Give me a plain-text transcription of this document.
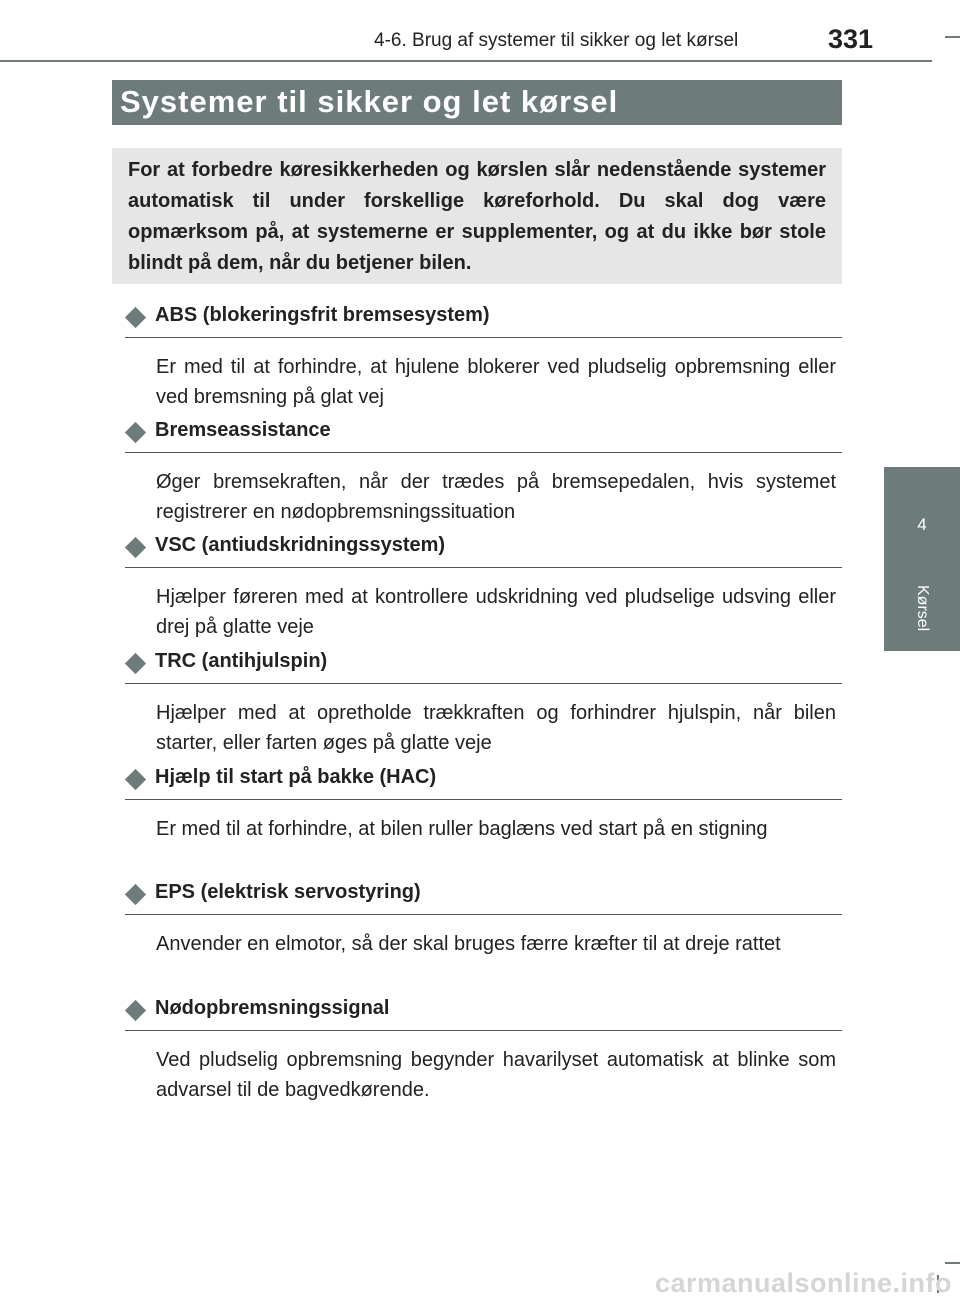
4-6. Brug af systemer til sikker og let kørsel	331
Systemer til sikker og let kørsel

For at forbedre køresikkerheden og kørslen slår nedenstående systemer automatisk til under forskellige køreforhold. Du skal dog være opmærksom på, at systemerne er supplementer, og at du ikke bør stole blindt på dem, når du betjener bilen.

ABS (blokeringsfrit bremsesystem)
Er med til at forhindre, at hjulene blokerer ved pludselig opbremsning eller ved bremsning på glat vej
Bremseassistance
Øger bremsekraften, når der trædes på bremsepedalen, hvis systemet registrerer en nødopbremsningssituation
VSC (antiudskridningssystem)
Hjælper føreren med at kontrollere udskridning ved pludselige udsving eller drej på glatte veje
TRC (antihjulspin)
Hjælper med at opretholde trækkraften og forhindrer hjulspin, når bilen starter, eller farten øges på glatte veje
Hjælp til start på bakke (HAC)
Er med til at forhindre, at bilen ruller baglæns ved start på en stigning
EPS (elektrisk servostyring)
Anvender en elmotor, så der skal bruges færre kræfter til at dreje rattet
Nødopbremsningssignal
Ved pludselig opbremsning begynder havarilyset automatisk at blinke som advarsel til de bagvedkørende.
4
Kørsel
carmanualsonline.info
